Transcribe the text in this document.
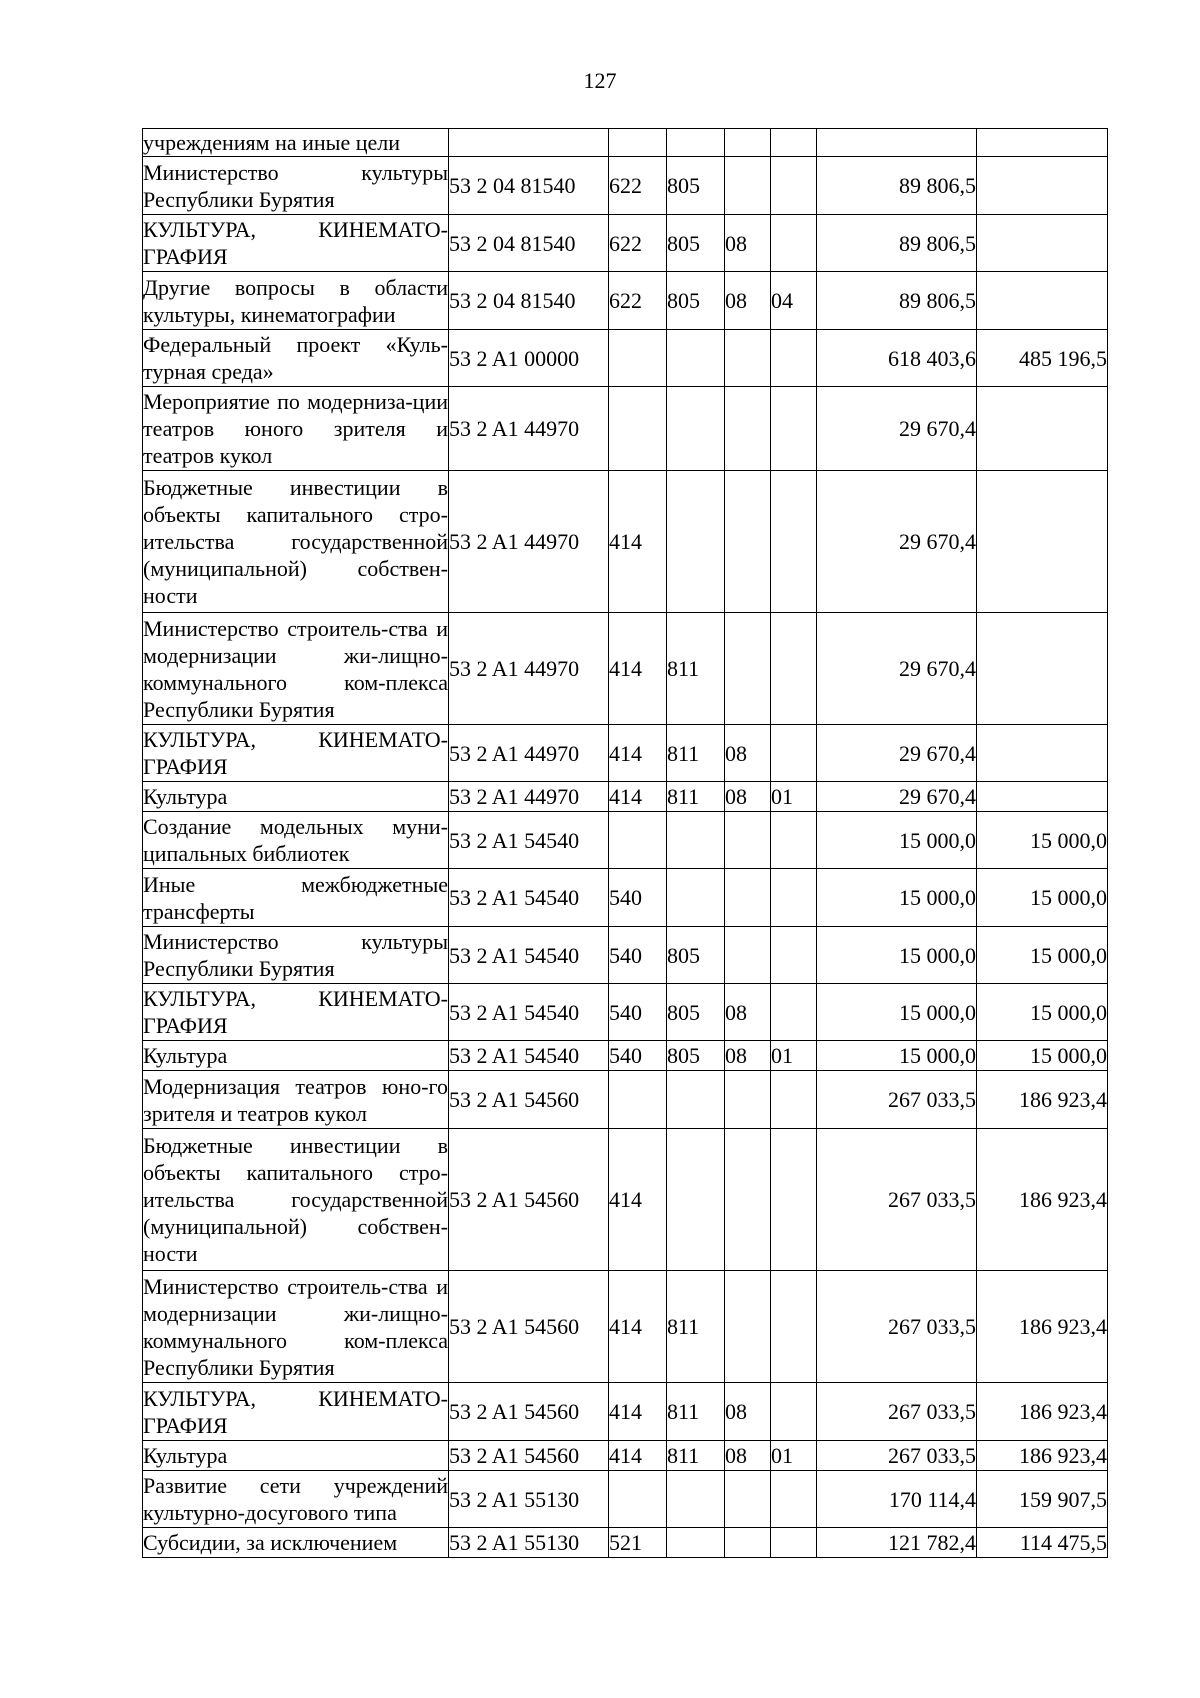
127
учреждениям на иные цели							
Министерство культуры Республики Бурятия	53 2 04 81540	622	805			89 806,5	
КУЛЬТУРА, КИНЕМАТО-ГРАФИЯ	53 2 04 81540	622	805	08		89 806,5	
Другие вопросы в области культуры, кинематографии	53 2 04 81540	622	805	08	04	89 806,5	
Федеральный проект «Куль-турная среда»	53 2 A1 00000					618 403,6	485 196,5
Мероприятие по модерниза-ции театров юного зрителя и театров кукол	53 2 A1 44970					29 670,4	
Бюджетные инвестиции в объекты капитального стро-ительства государственной (муниципальной) собствен-ности	53 2 A1 44970	414				29 670,4	
Министерство строитель-ства и модернизации жи-лищно-коммунального ком-плекса Республики Бурятия	53 2 A1 44970	414	811			29 670,4	
КУЛЬТУРА, КИНЕМАТО-ГРАФИЯ	53 2 A1 44970	414	811	08		29 670,4	
Культура	53 2 A1 44970	414	811	08	01	29 670,4	
Создание модельных муни-ципальных библиотек	53 2 A1 54540					15 000,0	15 000,0
Иные межбюджетные трансферты	53 2 A1 54540	540				15 000,0	15 000,0
Министерство культуры Республики Бурятия	53 2 A1 54540	540	805			15 000,0	15 000,0
КУЛЬТУРА, КИНЕМАТО-ГРАФИЯ	53 2 A1 54540	540	805	08		15 000,0	15 000,0
Культура	53 2 A1 54540	540	805	08	01	15 000,0	15 000,0
Модернизация театров юно-го зрителя и театров кукол	53 2 A1 54560					267 033,5	186 923,4
Бюджетные инвестиции в объекты капитального стро-ительства государственной (муниципальной) собствен-ности	53 2 A1 54560	414				267 033,5	186 923,4
Министерство строитель-ства и модернизации жи-лищно-коммунального ком-плекса Республики Бурятия	53 2 A1 54560	414	811			267 033,5	186 923,4
КУЛЬТУРА, КИНЕМАТО-ГРАФИЯ	53 2 A1 54560	414	811	08		267 033,5	186 923,4
Культура	53 2 A1 54560	414	811	08	01	267 033,5	186 923,4
Развитие сети учреждений культурно-досугового типа	53 2 A1 55130					170 114,4	159 907,5
Субсидии, за исключением	53 2 A1 55130	521				121 782,4	114 475,5
